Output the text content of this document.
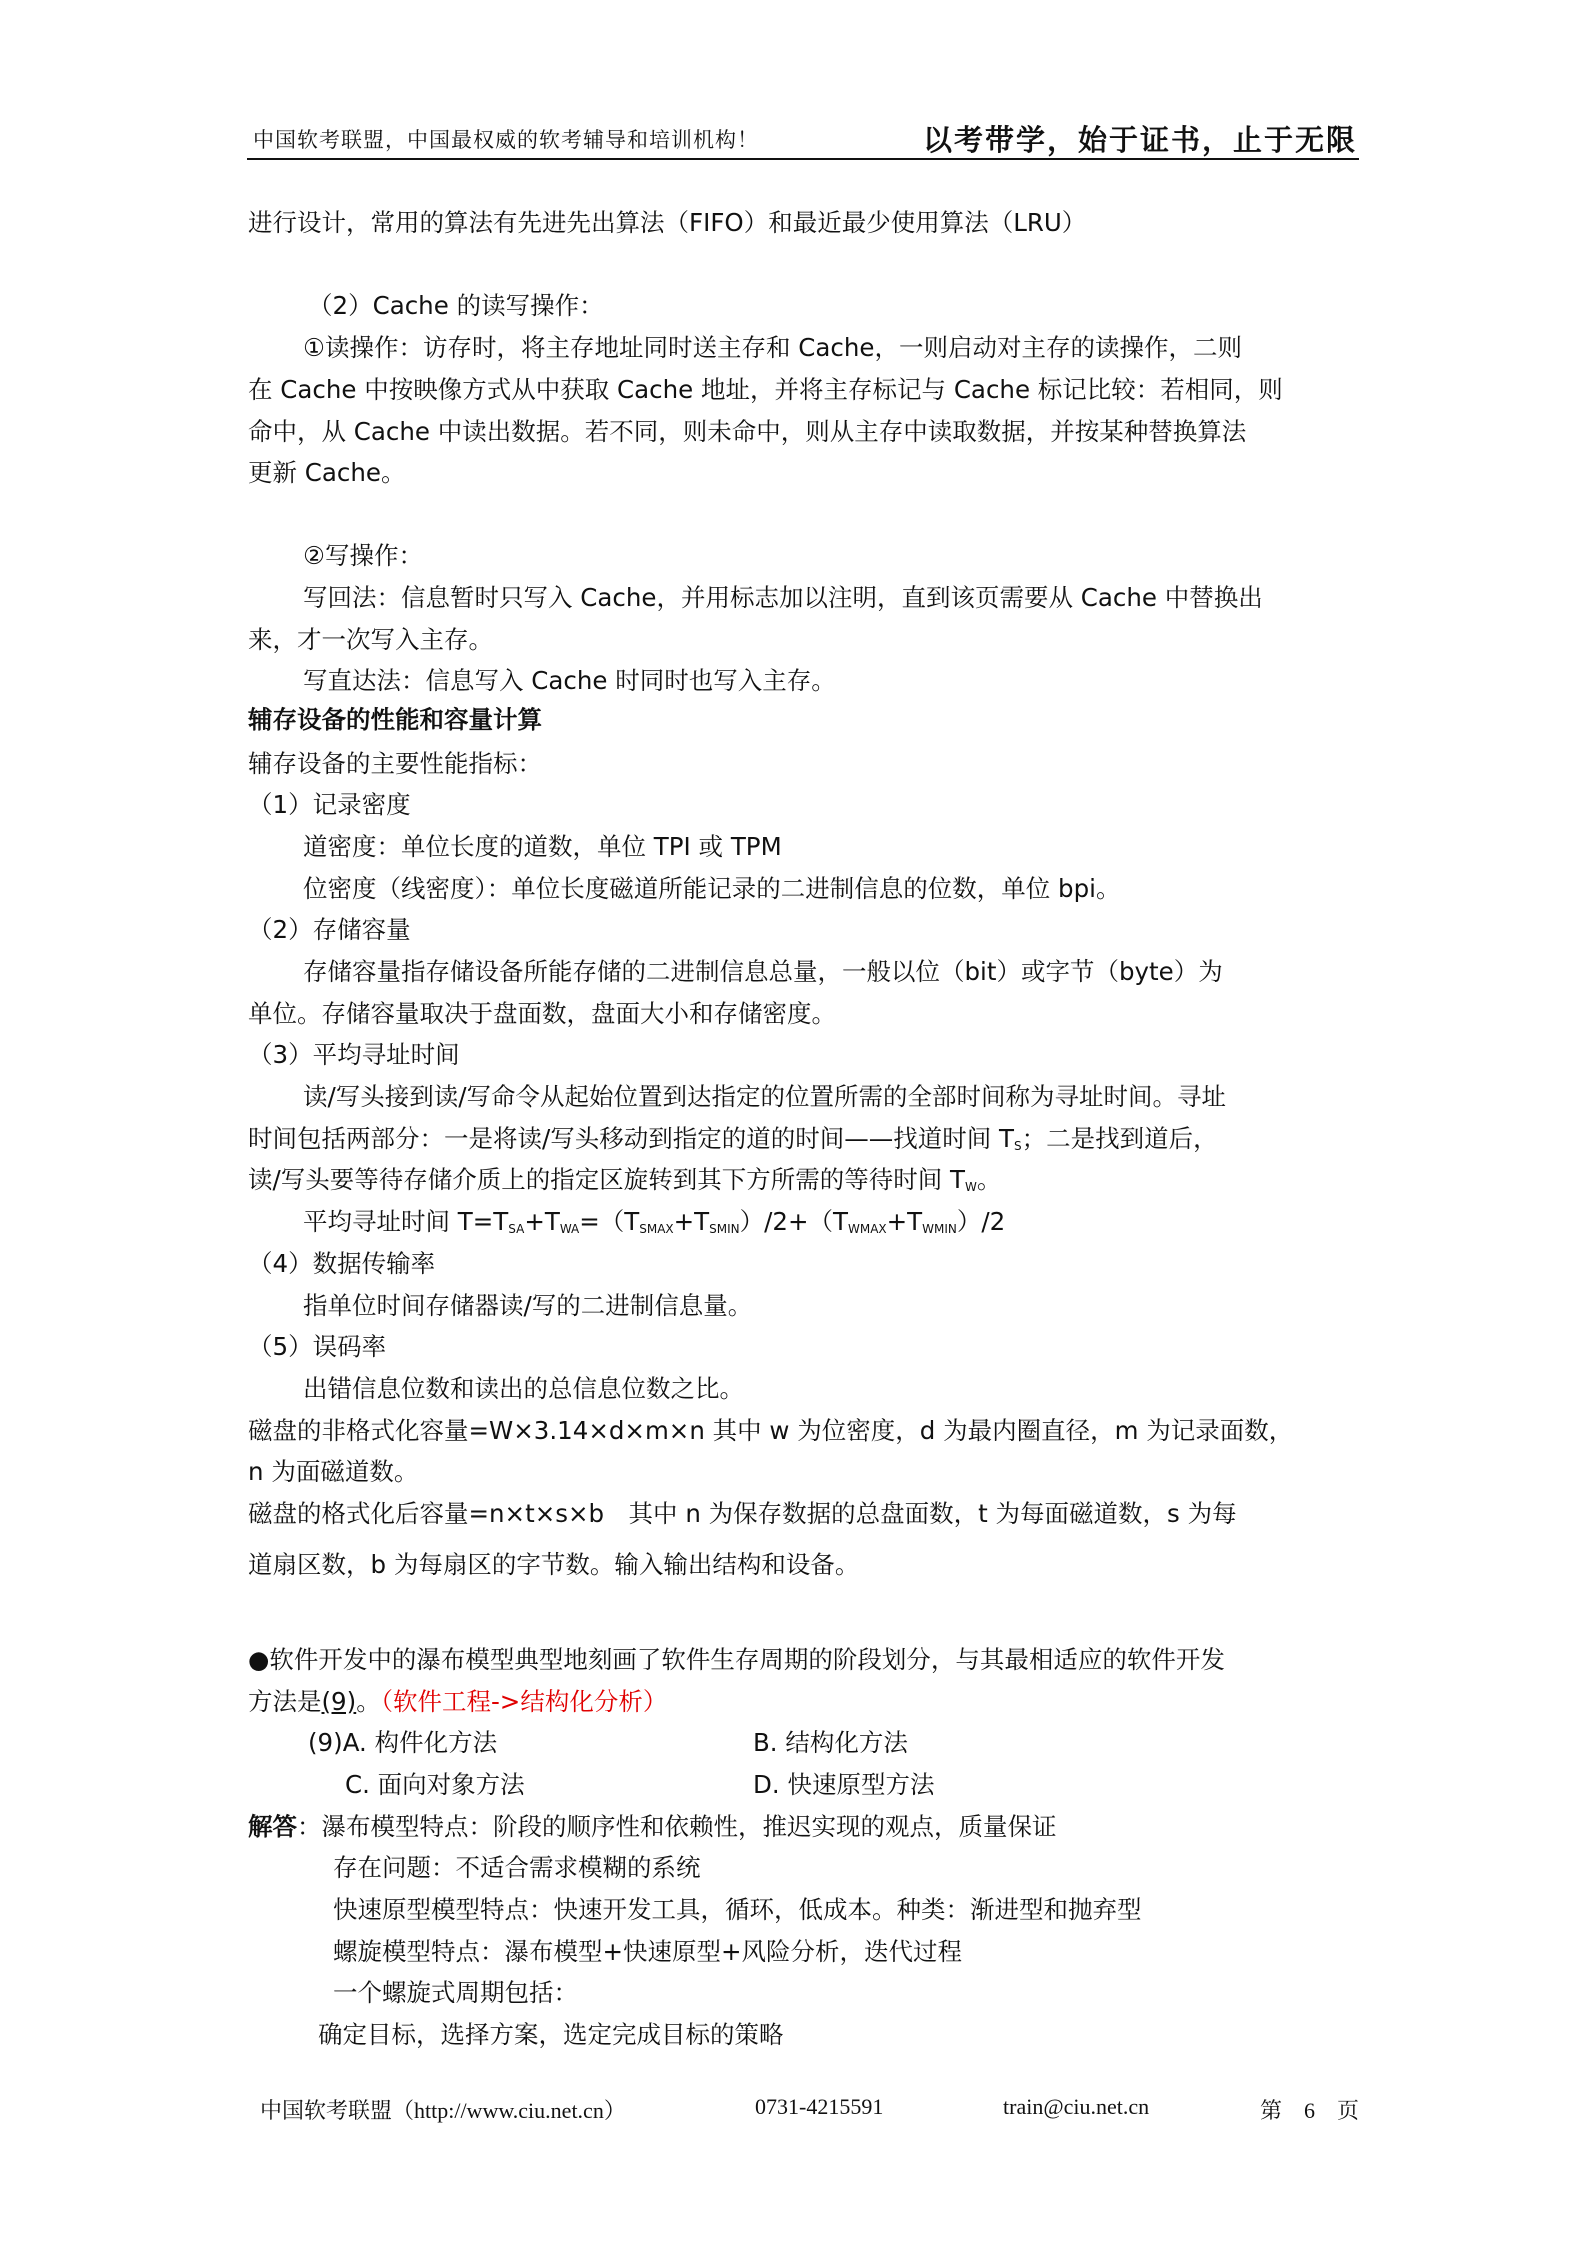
中国软考联盟，中国最权威的软考辅导和培训机构！	以考带学，始于证书，止于无限
进行设计，常用的算法有先进先出算法（FIFO）和最近最少使用算法（LRU）
（2）Cache 的读写操作：
①读操作：访存时，将主存地址同时送主存和 Cache，一则启动对主存的读操作，二则
在 Cache 中按映像方式从中获取 Cache 地址，并将主存标记与 Cache 标记比较：若相同，则
命中，从 Cache 中读出数据。若不同，则未命中，则从主存中读取数据，并按某种替换算法
更新 Cache。
②写操作：
写回法：信息暂时只写入 Cache，并用标志加以注明，直到该页需要从 Cache 中替换出
来，才一次写入主存。
写直达法：信息写入 Cache 时同时也写入主存。
辅存设备的性能和容量计算
辅存设备的主要性能指标：
（1）记录密度
道密度：单位长度的道数，单位 TPI 或 TPM
位密度（线密度）：单位长度磁道所能记录的二进制信息的位数，单位 bpi。
（2）存储容量
存储容量指存储设备所能存储的二进制信息总量，一般以位（bit）或字节（byte）为
单位。存储容量取决于盘面数，盘面大小和存储密度。
（3）平均寻址时间
读/写头接到读/写命令从起始位置到达指定的位置所需的全部时间称为寻址时间。寻址
时间包括两部分：一是将读/写头移动到指定的道的时间——找道时间 $T_S$；二是找到道后，
读/写头要等待存储介质上的指定区旋转到其下方所需的等待时间 $T_W$。
平均寻址时间 $T=T_{SA}+T_{WA}=(T_{SMAX}+T_{SMIN})/2+(T_{WMAX}+T_{WMIN})/2$
（4）数据传输率
指单位时间存储器读/写的二进制信息量。
（5）误码率
出错信息位数和读出的总信息位数之比。
磁盘的非格式化容量=W×3.14×d×m×n 其中 w 为位密度，d 为最内圈直径，m 为记录面数，
n 为面磁道数。
磁盘的格式化后容量=n×t×s×b　其中 n 为保存数据的总盘面数，t 为每面磁道数，s 为每
道扇区数，b 为每扇区的字节数。输入输出结构和设备。
●软件开发中的瀑布模型典型地刻画了软件生存周期的阶段划分，与其最相适应的软件开发
方法是(9)。（软件工程->结构化分析）
(9)A. 构件化方法	B. 结构化方法
C. 面向对象方法	D. 快速原型方法
解答：瀑布模型特点：阶段的顺序性和依赖性，推迟实现的观点，质量保证
存在问题：不适合需求模糊的系统
快速原型模型特点：快速开发工具，循环，低成本。种类：渐进型和抛弃型
螺旋模型特点：瀑布模型+快速原型+风险分析，迭代过程
一个螺旋式周期包括：
确定目标，选择方案，选定完成目标的策略
中国软考联盟（http://www.ciu.net.cn）	0731-4215591	train@ciu.net.cn	第　6　页
